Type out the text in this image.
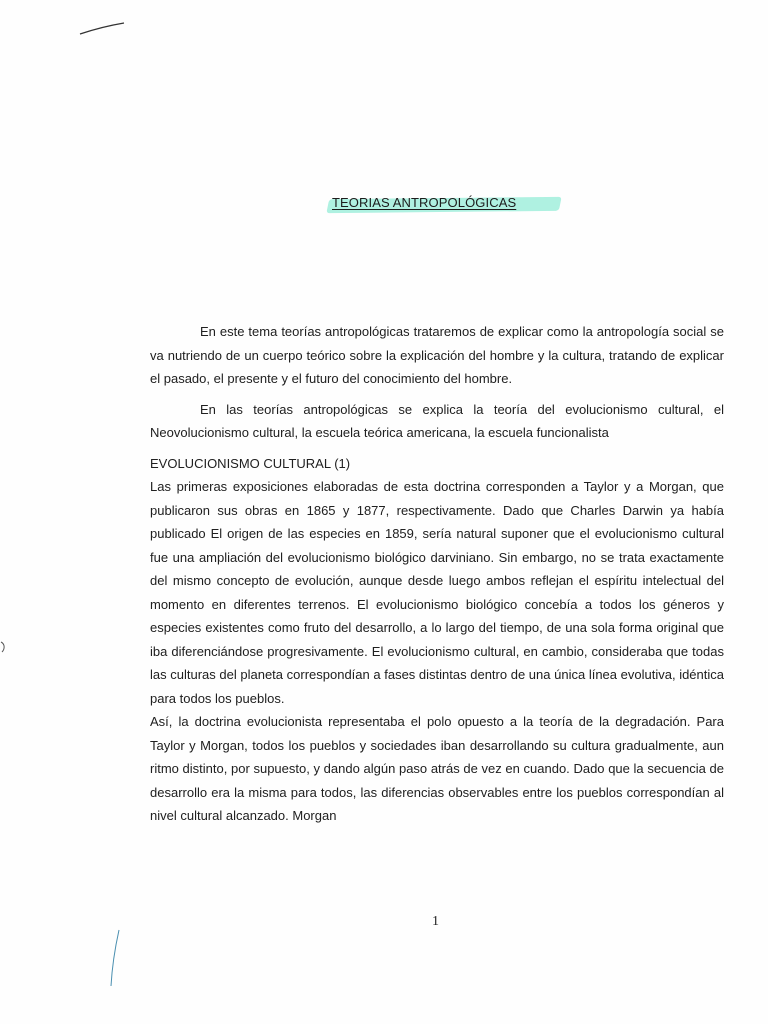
TEORIAS ANTROPOLÓGICAS

En este tema teorías antropológicas trataremos de explicar como la antropología social se va nutriendo de un cuerpo teórico sobre la explicación del hombre y la cultura, tratando de explicar el pasado, el presente y el futuro del conocimiento del hombre.

En las teorías antropológicas se explica la teoría del evolucionismo cultural, el Neovolucionismo cultural, la escuela teórica americana, la escuela funcionalista

EVOLUCIONISMO CULTURAL (1)

Las primeras exposiciones elaboradas de esta doctrina corresponden a Taylor y a Morgan, que publicaron sus obras en 1865 y 1877, respectivamente. Dado que Charles Darwin ya había publicado El origen de las especies en 1859, sería natural suponer que el evolucionismo cultural fue una ampliación del evolucionismo biológico darviniano. Sin embargo, no se trata exactamente del mismo concepto de evolución, aunque desde luego ambos reflejan el espíritu intelectual del momento en diferentes terrenos. El evolucionismo biológico concebía a todos los géneros y especies existentes como fruto del desarrollo, a lo largo del tiempo, de una sola forma original que iba diferenciándose progresivamente. El evolucionismo cultural, en cambio, consideraba que todas las culturas del planeta correspondían a fases distintas dentro de una única línea evolutiva, idéntica para todos los pueblos.

Así, la doctrina evolucionista representaba el polo opuesto a la teoría de la degradación. Para Taylor y Morgan, todos los pueblos y sociedades iban desarrollando su cultura gradualmente, aun ritmo distinto, por supuesto, y dando algún paso atrás de vez en cuando. Dado que la secuencia de desarrollo era la misma para todos, las diferencias observables entre los pueblos correspondían al nivel cultural alcanzado. Morgan

1
